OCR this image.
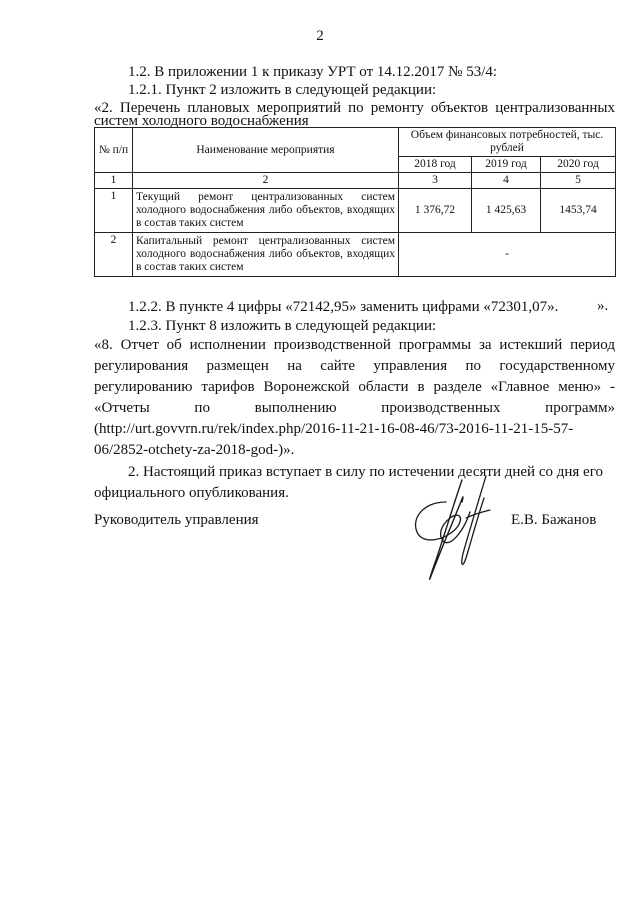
2
1.2. В приложении 1 к приказу УРТ от 14.12.2017 № 53/4:
1.2.1. Пункт 2 изложить в следующей редакции:
«2. Перечень плановых мероприятий по ремонту объектов централизованных
систем холодного водоснабжения
№ п/п	Наименование мероприятия	Объем финансовых потребностей, тыс. рублей		
		2018 год	2019 год	2020 год
1	2	3	4	5
1	Текущий ремонт централизованных систем холодного водоснабжения либо объектов, входящих в состав таких систем	1 376,72	1 425,63	1453,74
2	Капитальный ремонт централизованных систем холодного водоснабжения либо объектов, входящих в состав таких систем	-		
».
1.2.2. В пункте 4 цифры «72142,95» заменить цифрами «72301,07».
1.2.3. Пункт 8 изложить в следующей редакции:
«8. Отчет об исполнении производственной программы за истекший период
регулирования размещен на сайте управления по государственному
регулированию тарифов Воронежской области в разделе «Главное меню» -
«Отчеты по выполнению производственных программ»
(http://urt.govvrn.ru/rek/index.php/2016-11-21-16-08-46/73-2016-11-21-15-57-
06/2852-otchety-za-2018-god-)».
2. Настоящий приказ вступает в силу по истечении десяти дней со дня его
официального опубликования.
Руководитель управления	Е.В. Бажанов
